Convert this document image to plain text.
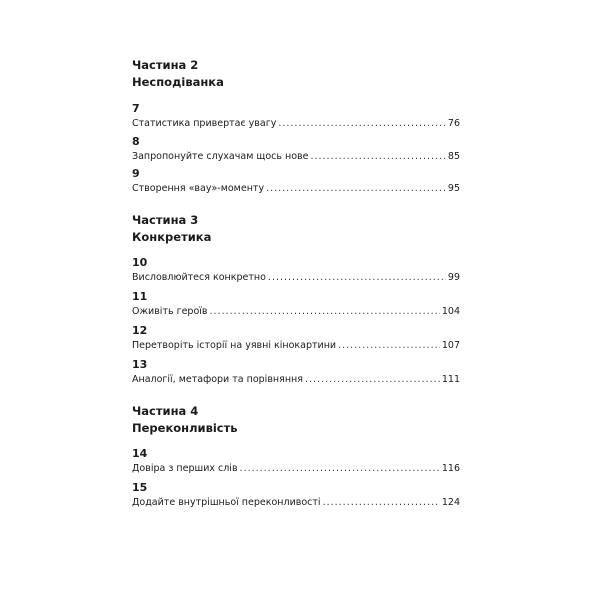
Частина 2
Несподіванка
7
Статистика привертає увагу .....	76
8
Запропонуйте слухачам щось нове .....	85
9
Створення «вау»-моменту .....	95
Частина 3
Конкретика
10
Висловлюйтеся конкретно .....	99
11
Оживіть героїв .....	104
12
Перетворіть історії на уявні кінокартини .....	107
13
Аналогії, метафори та порівняння .....	111
Частина 4
Переконливість
14
Довіра з перших слів .....	116
15
Додайте внутрішньої переконливості .....	124
